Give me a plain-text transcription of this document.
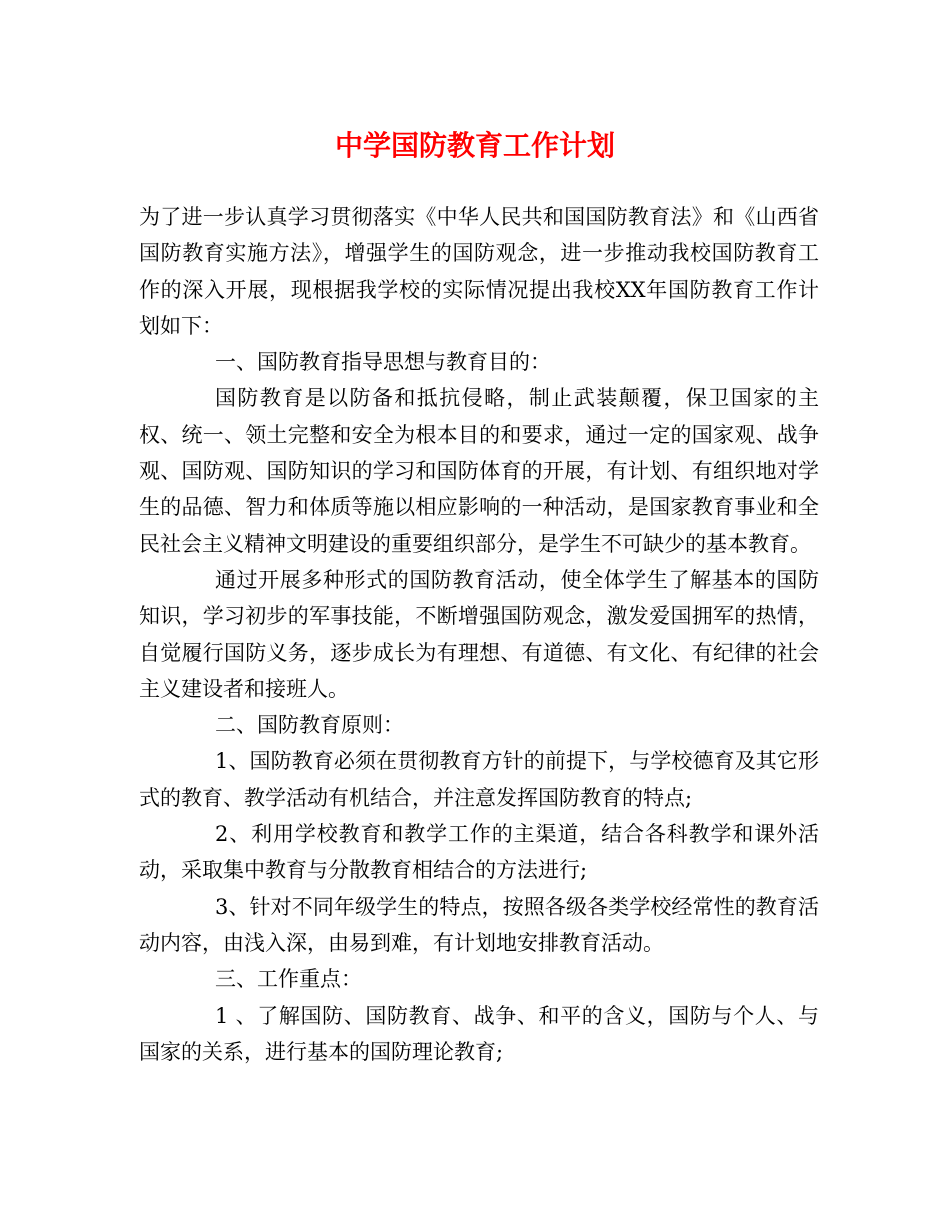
中学国防教育工作计划

为了进一步认真学习贯彻落实《中华人民共和国国防教育法》和《山西省国防教育实施方法》，增强学生的国防观念，进一步推动我校国防教育工作的深入开展，现根据我学校的实际情况提出我校XX年国防教育工作计划如下：

一、国防教育指导思想与教育目的：

国防教育是以防备和抵抗侵略，制止武装颠覆，保卫国家的主权、统一、领土完整和安全为根本目的和要求，通过一定的国家观、战争观、国防观、国防知识的学习和国防体育的开展，有计划、有组织地对学生的品德、智力和体质等施以相应影响的一种活动，是国家教育事业和全民社会主义精神文明建设的重要组织部分，是学生不可缺少的基本教育。

通过开展多种形式的国防教育活动，使全体学生了解基本的国防知识，学习初步的军事技能，不断增强国防观念，激发爱国拥军的热情，自觉履行国防义务，逐步成长为有理想、有道德、有文化、有纪律的社会主义建设者和接班人。

二、国防教育原则：

1、国防教育必须在贯彻教育方针的前提下，与学校德育及其它形式的教育、教学活动有机结合，并注意发挥国防教育的特点;

2、利用学校教育和教学工作的主渠道，结合各科教学和课外活动，采取集中教育与分散教育相结合的方法进行;

3、针对不同年级学生的特点，按照各级各类学校经常性的教育活动内容，由浅入深，由易到难，有计划地安排教育活动。

三、工作重点：

1 、了解国防、国防教育、战争、和平的含义，国防与个人、与国家的关系，进行基本的国防理论教育;
